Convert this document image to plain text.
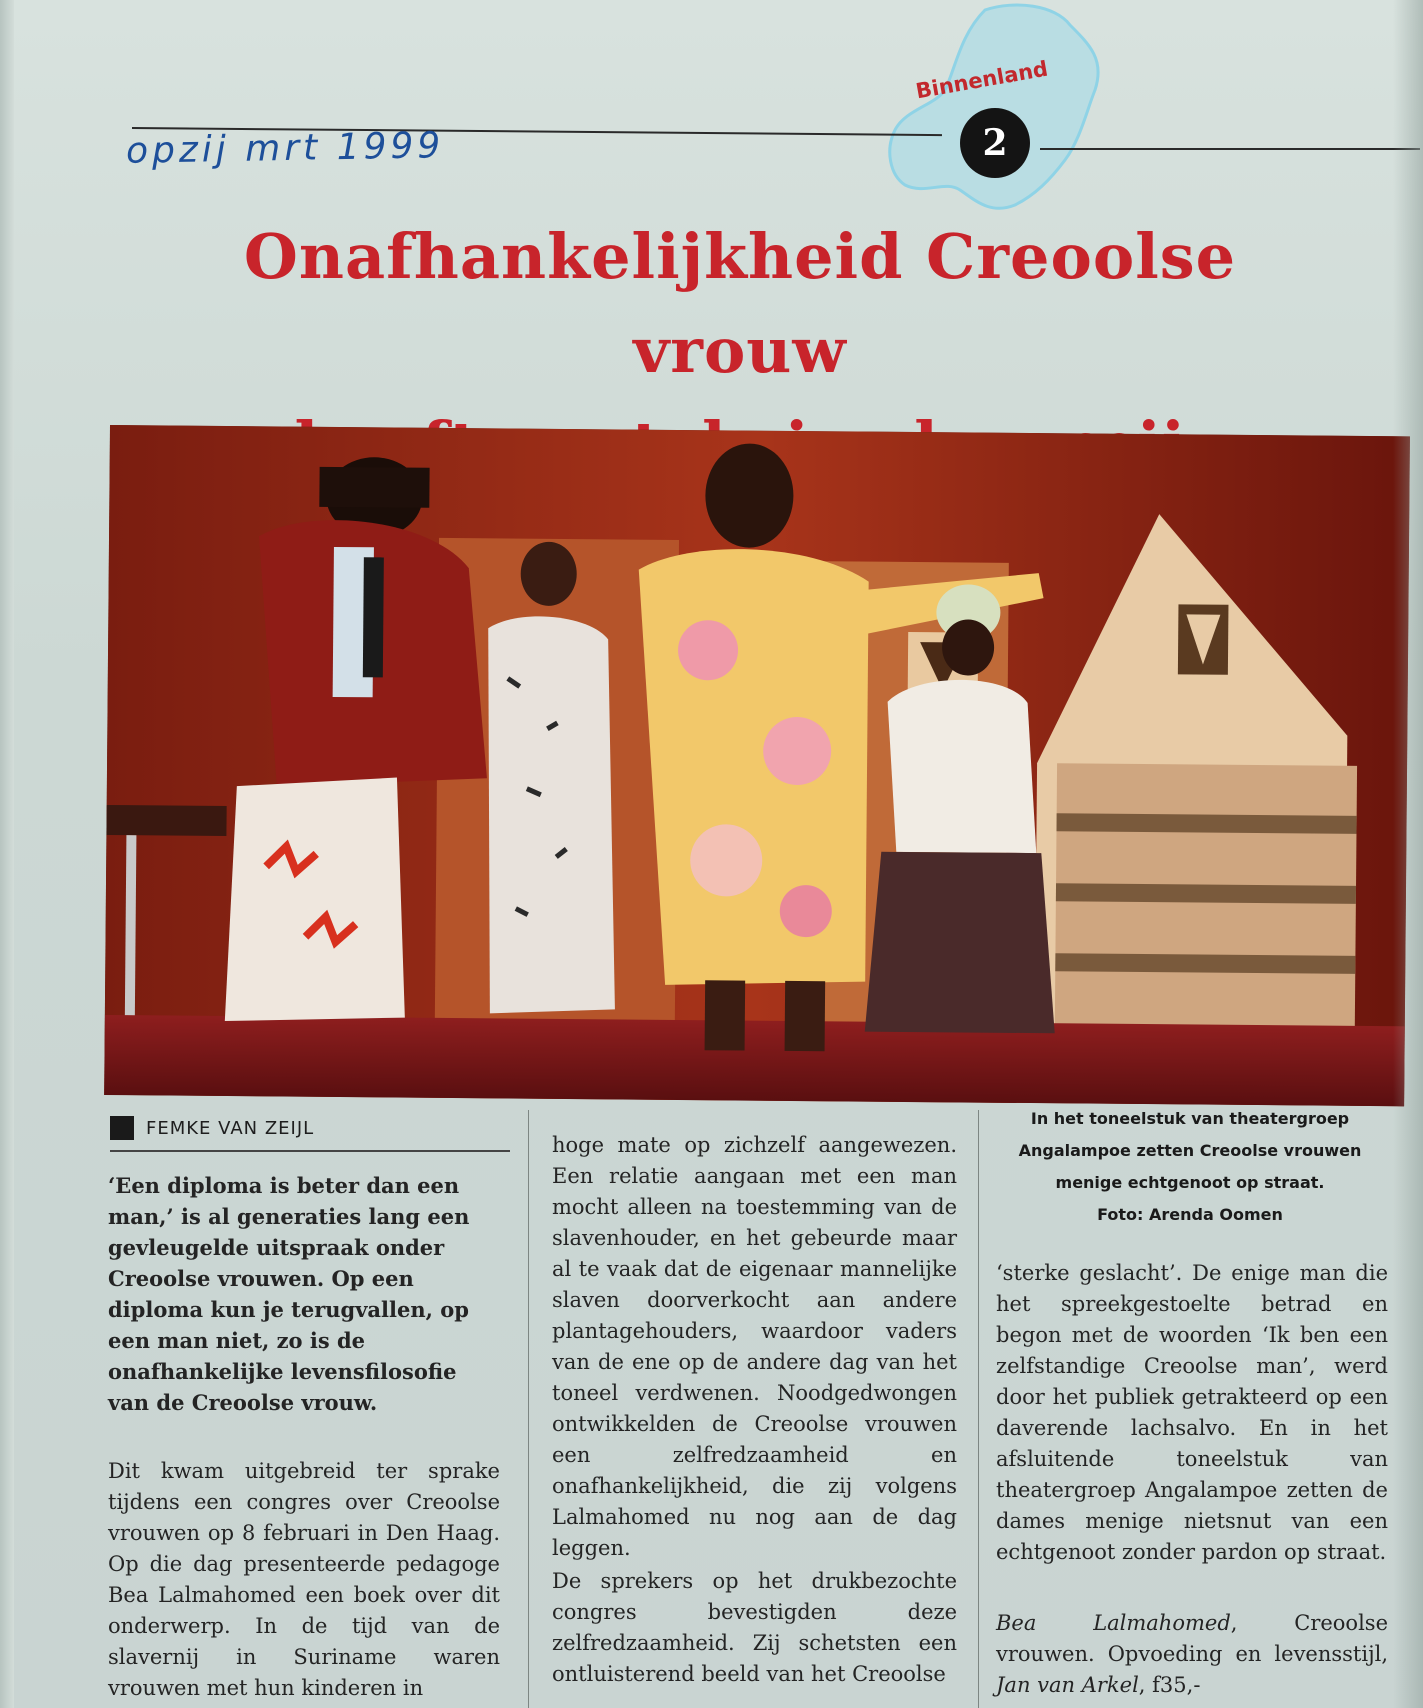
opzij mrt 1999
Binnenland
2
Onafhankelijkheid Creoolse vrouw
FEMKE VAN ZEIJL	In het toneelstuk van theatergroep Angalampoe zetten Creoolse vrouwen menige echtgenoot op straat.
Foto: Arenda Oomen

‘Een diploma is beter dan een man,’ is al generaties lang een gevleugelde uitspraak onder Creoolse vrouwen. Op een diploma kun je terugvallen, op een man niet, zo is de onafhankelijke levensfilosofie van de Creoolse vrouw.

Dit kwam uitgebreid ter sprake tijdens een congres over Creoolse vrouwen op 8 februari in Den Haag. Op die dag presenteerde pedagoge Bea Lalmahomed een boek over dit onderwerp. In de tijd van de slavernij in Suriname waren vrouwen met hun kinderen in

hoge mate op zichzelf aangewezen. Een relatie aangaan met een man mocht alleen na toestemming van de slavenhouder, en het gebeurde maar al te vaak dat de eigenaar mannelijke slaven doorverkocht aan andere plantagehouders, waardoor vaders van de ene op de andere dag van het toneel verdwenen. Noodgedwongen ontwikkelden de Creoolse vrouwen een zelfredzaamheid en onafhankelijkheid, die zij volgens Lalmahomed nu nog aan de dag leggen.

De sprekers op het drukbezochte congres bevestigden deze zelfredzaamheid. Zij schetsten een ontluisterend beeld van het Creoolse

‘sterke geslacht’. De enige man die het spreekgestoelte betrad en begon met de woorden ‘Ik ben een zelfstandige Creoolse man’, werd door het publiek getrakteerd op een daverende lachsalvo. En in het afsluitende toneelstuk van theatergroep Angalampoe zetten de dames menige nietsnut van een echtgenoot zonder pardon op straat.

Bea Lalmahomed, Creoolse vrouwen. Opvoeding en levensstijl, Jan van Arkel, f35,-
